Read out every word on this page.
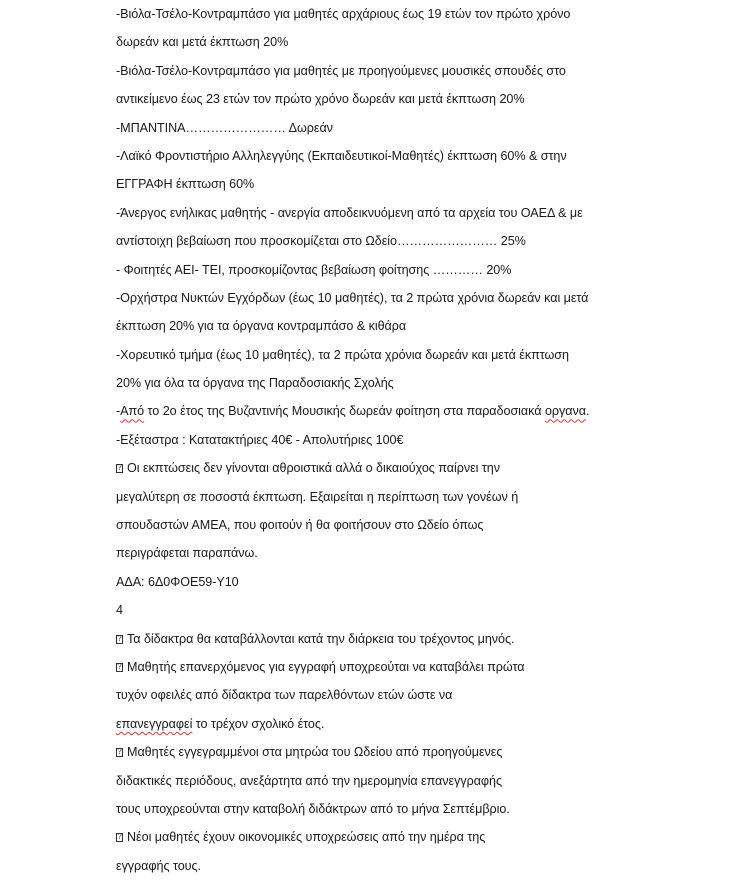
-Βιόλα-Τσέλο-Κοντραμπάσο για μαθητές αρχάριους έως 19 ετών τον πρώτο χρόνο
δωρεάν και μετά έκπτωση 20%
-Βιόλα-Τσέλο-Κοντραμπάσο για μαθητές με προηγούμενες μουσικές σπουδές στο
αντικείμενο έως 23 ετών τον πρώτο χρόνο δωρεάν και μετά έκπτωση 20%
-ΜΠΑΝΤΙΝΑ…………………… Δωρεάν
-Λαϊκό Φροντιστήριο Αλληλεγγύης (Εκπαιδευτικοί-Μαθητές) έκπτωση 60% & στην
ΕΓΓΡΑΦΗ έκπτωση 60%
-Άνεργος ενήλικας μαθητής - ανεργία αποδεικνυόμενη από τα αρχεία του ΟΑΕΔ & με
αντίστοιχη βεβαίωση που προσκομίζεται στο Ωδείο…………………… 25%
- Φοιτητές ΑΕΙ- ΤΕΙ, προσκομίζοντας βεβαίωση φοίτησης ………… 20%
-Ορχήστρα Νυκτών Εγχόρδων (έως 10 μαθητές), τα 2 πρώτα χρόνια δωρεάν και μετά
έκπτωση 20% για τα όργανα κοντραμπάσο & κιθάρα
-Χορευτικό τμήμα (έως 10 μαθητές), τα 2 πρώτα χρόνια δωρεάν και μετά έκπτωση
20% για όλα τα όργανα της Παραδοσιακής Σχολής
-Από το 2ο έτος της Βυζαντινής Μουσικής δωρεάν φοίτηση στα παραδοσιακά οργανα.
-Εξέταστρα : Κατατακτήριες 40€ - Απολυτήριες 100€
?Οι εκπτώσεις δεν γίνονται αθροιστικά αλλά ο δικαιούχος παίρνει την
μεγαλύτερη σε ποσοστά έκπτωση. Εξαιρείται η περίπτωση των γονέων ή
σπουδαστών ΑΜΕΑ, που φοιτούν ή θα φοιτήσουν στο Ωδείο όπως
περιγράφεται παραπάνω.
ΑΔΑ: 6Δ0ΦΟΕ59-Υ10
4
?Τα δίδακτρα θα καταβάλλονται κατά την διάρκεια του τρέχοντος μηνός.
?Μαθητής επανερχόμενος για εγγραφή υποχρεούται να καταβάλει πρώτα
τυχόν οφειλές από δίδακτρα των παρελθόντων ετών ώστε να
επανεγγραφεί το τρέχον σχολικό έτος.
?Μαθητές εγγεγραμμένοι στα μητρώα του Ωδείου από προηγούμενες
διδακτικές περιόδους, ανεξάρτητα από την ημερομηνία επανεγγραφής
τους υποχρεούνται στην καταβολή διδάκτρων από το μήνα Σεπτέμβριο.
?Νέοι μαθητές έχουν οικονομικές υποχρεώσεις από την ημέρα της
εγγραφής τους.
